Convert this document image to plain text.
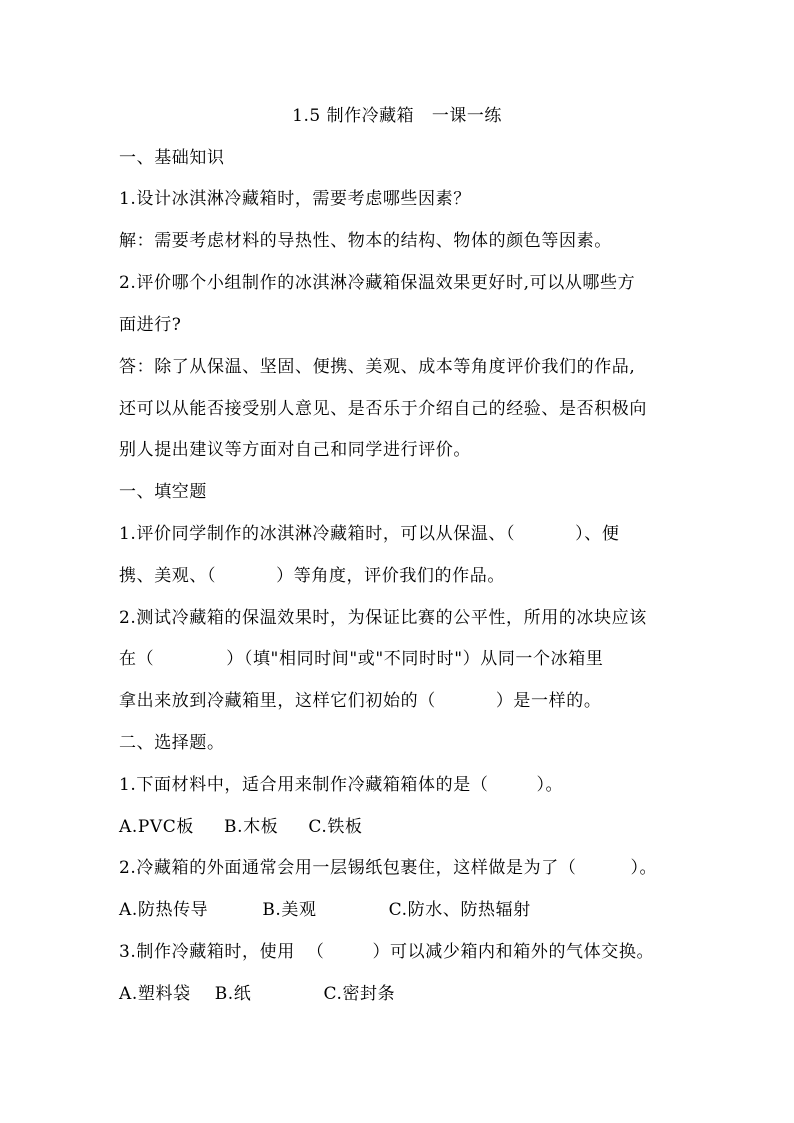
1.5 制作冷藏箱   一课一练
一、基础知识
1.设计冰淇淋冷藏箱时，需要考虑哪些因素？
解：需要考虑材料的导热性、物本的结构、物体的颜色等因素。
2.评价哪个小组制作的冰淇淋冷藏箱保温效果更好时,可以从哪些方
面进行?
答：除了从保温、坚固、便携、美观、成本等角度评价我们的作品,
还可以从能否接受别人意见、是否乐于介绍自己的经验、是否积极向
别人提出建议等方面对自己和同学进行评价。
一、填空题
1.评价同学制作的冰淇淋冷藏箱时，可以从保温、（          ）、便
携、美观、（          ）等角度，评价我们的作品。
2.测试冷藏箱的保温效果时，为保证比赛的公平性，所用的冰块应该
在（            ）（填"相同时间"或"不同时时"）从同一个冰箱里
拿出来放到冷藏箱里，这样它们初始的（          ）是一样的。
二、选择题。
1.下面材料中，适合用来制作冷藏箱箱体的是（        ）。
A.PVC板     B.木板     C.铁板
2.冷藏箱的外面通常会用一层锡纸包裹住，这样做是为了（         ）。
A.防热传导         B.美观            C.防水、防热辐射
3.制作冷藏箱时，使用  （        ）可以减少箱内和箱外的气体交换。
A.塑料袋    B.纸            C.密封条
